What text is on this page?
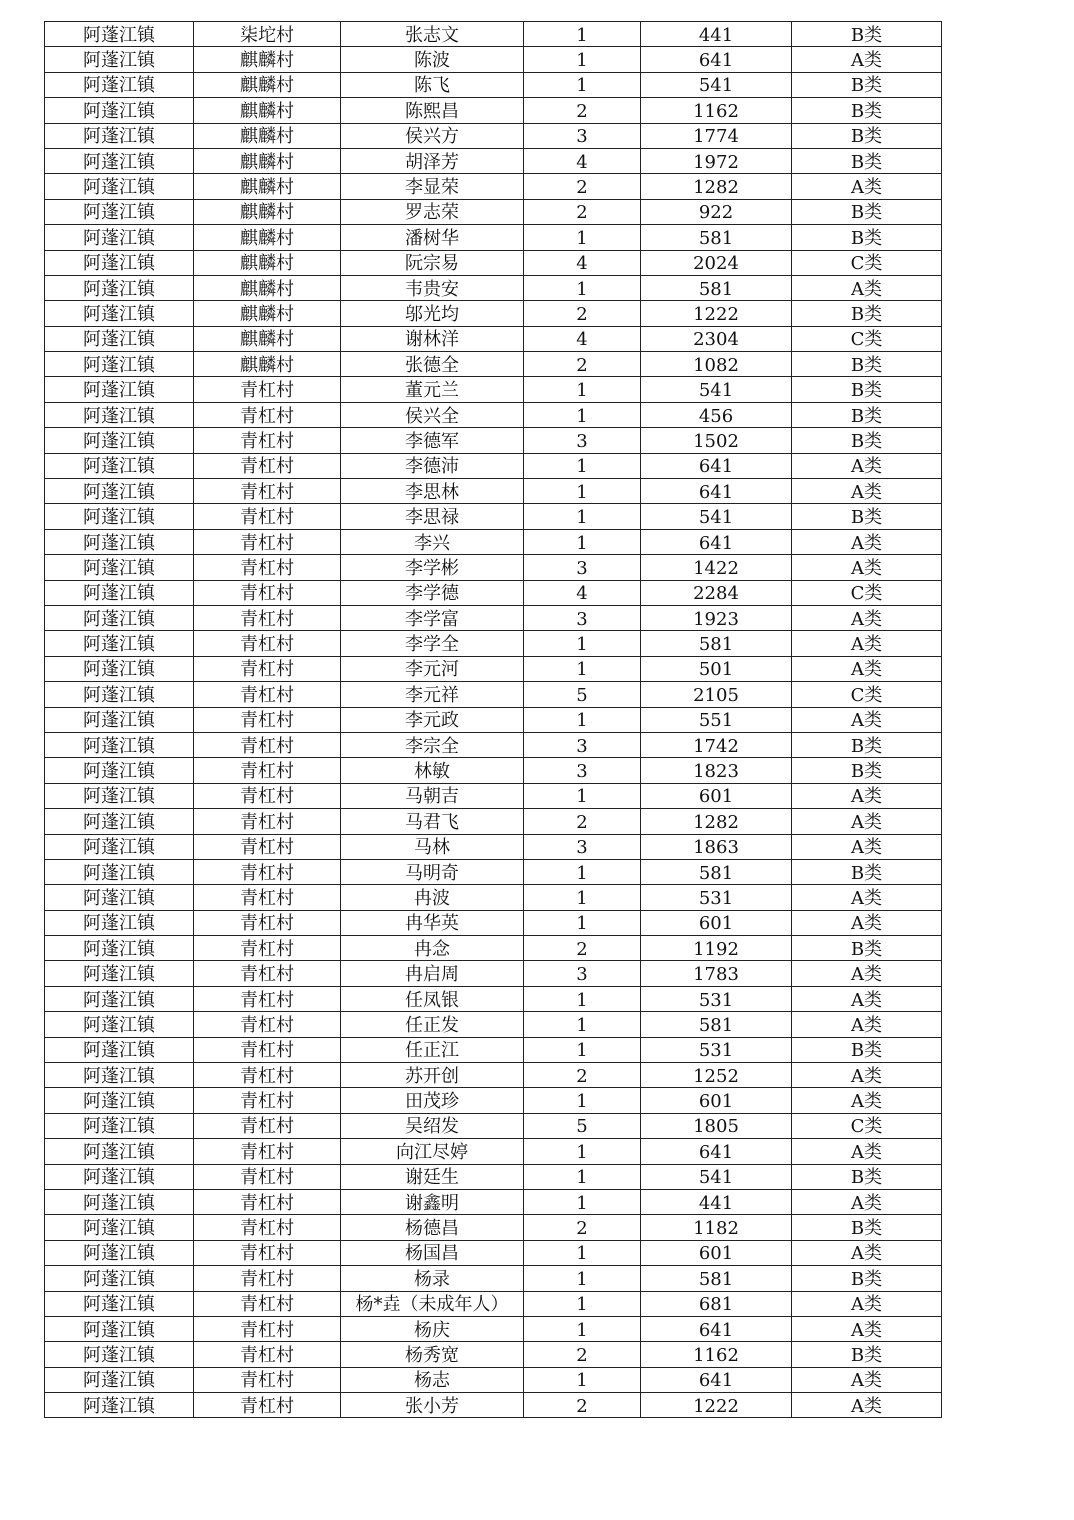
阿蓬江镇	柒坨村	张志文	1	441	B类
阿蓬江镇	麒麟村	陈波	1	641	A类
阿蓬江镇	麒麟村	陈飞	1	541	B类
阿蓬江镇	麒麟村	陈熙昌	2	1162	B类
阿蓬江镇	麒麟村	侯兴方	3	1774	B类
阿蓬江镇	麒麟村	胡泽芳	4	1972	B类
阿蓬江镇	麒麟村	李显荣	2	1282	A类
阿蓬江镇	麒麟村	罗志荣	2	922	B类
阿蓬江镇	麒麟村	潘树华	1	581	B类
阿蓬江镇	麒麟村	阮宗易	4	2024	C类
阿蓬江镇	麒麟村	韦贵安	1	581	A类
阿蓬江镇	麒麟村	邬光均	2	1222	B类
阿蓬江镇	麒麟村	谢林洋	4	2304	C类
阿蓬江镇	麒麟村	张德全	2	1082	B类
阿蓬江镇	青杠村	董元兰	1	541	B类
阿蓬江镇	青杠村	侯兴全	1	456	B类
阿蓬江镇	青杠村	李德军	3	1502	B类
阿蓬江镇	青杠村	李德沛	1	641	A类
阿蓬江镇	青杠村	李思林	1	641	A类
阿蓬江镇	青杠村	李思禄	1	541	B类
阿蓬江镇	青杠村	李兴	1	641	A类
阿蓬江镇	青杠村	李学彬	3	1422	A类
阿蓬江镇	青杠村	李学德	4	2284	C类
阿蓬江镇	青杠村	李学富	3	1923	A类
阿蓬江镇	青杠村	李学全	1	581	A类
阿蓬江镇	青杠村	李元河	1	501	A类
阿蓬江镇	青杠村	李元祥	5	2105	C类
阿蓬江镇	青杠村	李元政	1	551	A类
阿蓬江镇	青杠村	李宗全	3	1742	B类
阿蓬江镇	青杠村	林敏	3	1823	B类
阿蓬江镇	青杠村	马朝吉	1	601	A类
阿蓬江镇	青杠村	马君飞	2	1282	A类
阿蓬江镇	青杠村	马林	3	1863	A类
阿蓬江镇	青杠村	马明奇	1	581	B类
阿蓬江镇	青杠村	冉波	1	531	A类
阿蓬江镇	青杠村	冉华英	1	601	A类
阿蓬江镇	青杠村	冉念	2	1192	B类
阿蓬江镇	青杠村	冉启周	3	1783	A类
阿蓬江镇	青杠村	任凤银	1	531	A类
阿蓬江镇	青杠村	任正发	1	581	A类
阿蓬江镇	青杠村	任正江	1	531	B类
阿蓬江镇	青杠村	苏开创	2	1252	A类
阿蓬江镇	青杠村	田茂珍	1	601	A类
阿蓬江镇	青杠村	吴绍发	5	1805	C类
阿蓬江镇	青杠村	向江尽婷	1	641	A类
阿蓬江镇	青杠村	谢廷生	1	541	B类
阿蓬江镇	青杠村	谢鑫明	1	441	A类
阿蓬江镇	青杠村	杨德昌	2	1182	B类
阿蓬江镇	青杠村	杨国昌	1	601	A类
阿蓬江镇	青杠村	杨录	1	581	B类
阿蓬江镇	青杠村	杨*垚（未成年人）	1	681	A类
阿蓬江镇	青杠村	杨庆	1	641	A类
阿蓬江镇	青杠村	杨秀宽	2	1162	B类
阿蓬江镇	青杠村	杨志	1	641	A类
阿蓬江镇	青杠村	张小芳	2	1222	A类
